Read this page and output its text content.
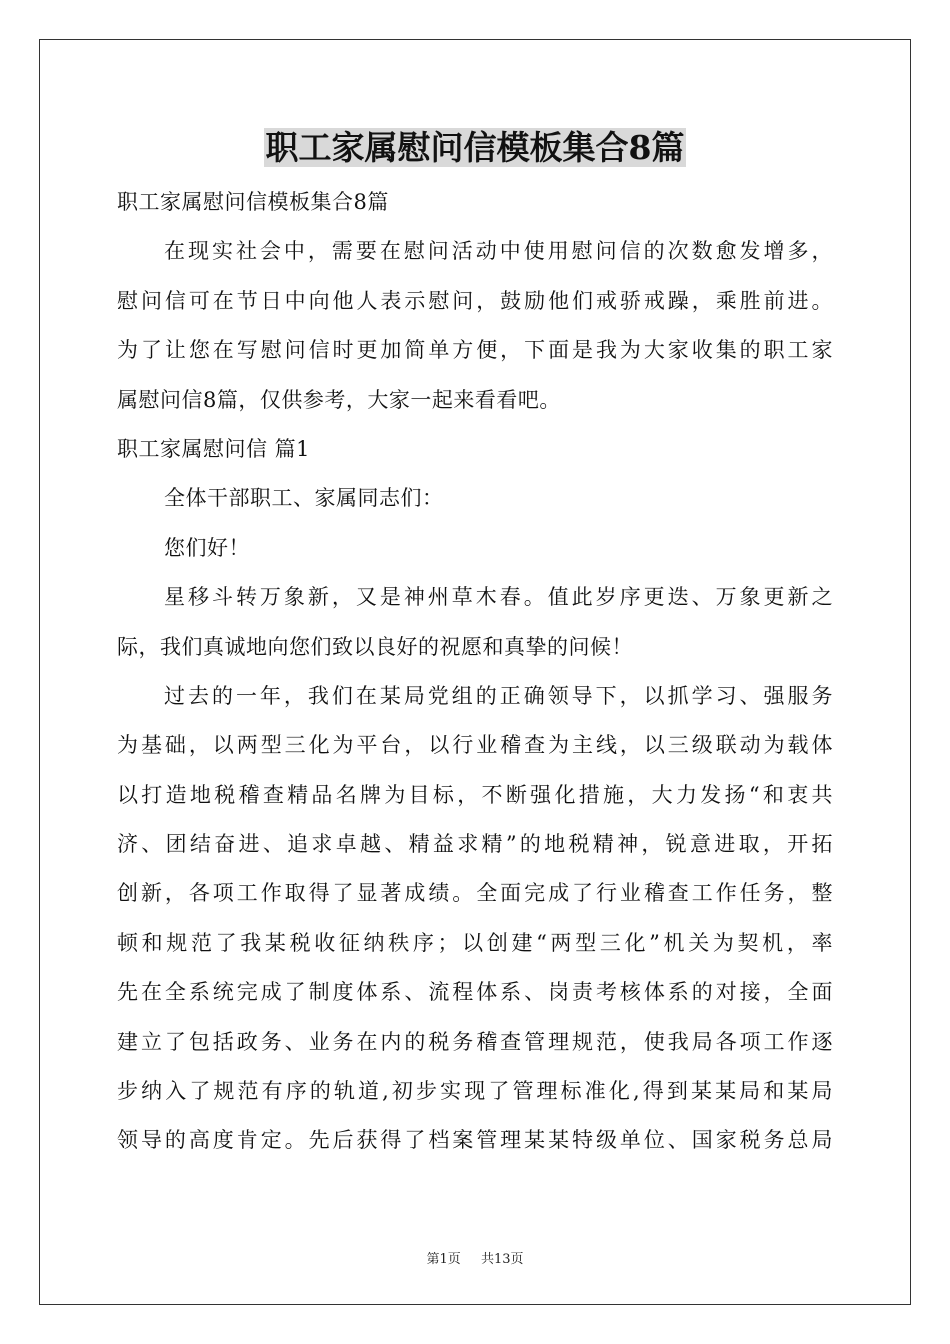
职工家属慰问信模板集合8篇
职工家属慰问信模板集合8篇
在现实社会中，需要在慰问活动中使用慰问信的次数愈发增多，
慰问信可在节日中向他人表示慰问，鼓励他们戒骄戒躁，乘胜前进。
为了让您在写慰问信时更加简单方便，下面是我为大家收集的职工家
属慰问信8篇，仅供参考，大家一起来看看吧。
职工家属慰问信 篇1
全体干部职工、家属同志们：
您们好！
星移斗转万象新，又是神州草木春。值此岁序更迭、万象更新之
际，我们真诚地向您们致以良好的祝愿和真挚的问候！
过去的一年，我们在某局党组的正确领导下，以抓学习、强服务
为基础，以两型三化为平台，以行业稽查为主线，以三级联动为载体
以打造地税稽查精品名牌为目标，不断强化措施，大力发扬“和衷共
济、团结奋进、追求卓越、精益求精”的地税精神，锐意进取，开拓
创新，各项工作取得了显著成绩。全面完成了行业稽查工作任务，整
顿和规范了我某税收征纳秩序；以创建“两型三化”机关为契机，率
先在全系统完成了制度体系、流程体系、岗责考核体系的对接，全面
建立了包括政务、业务在内的税务稽查管理规范，使我局各项工作逐
步纳入了规范有序的轨道,初步实现了管理标准化,得到某某局和某局
领导的高度肯定。先后获得了档案管理某某特级单位、国家税务总局
第1页 共13页
